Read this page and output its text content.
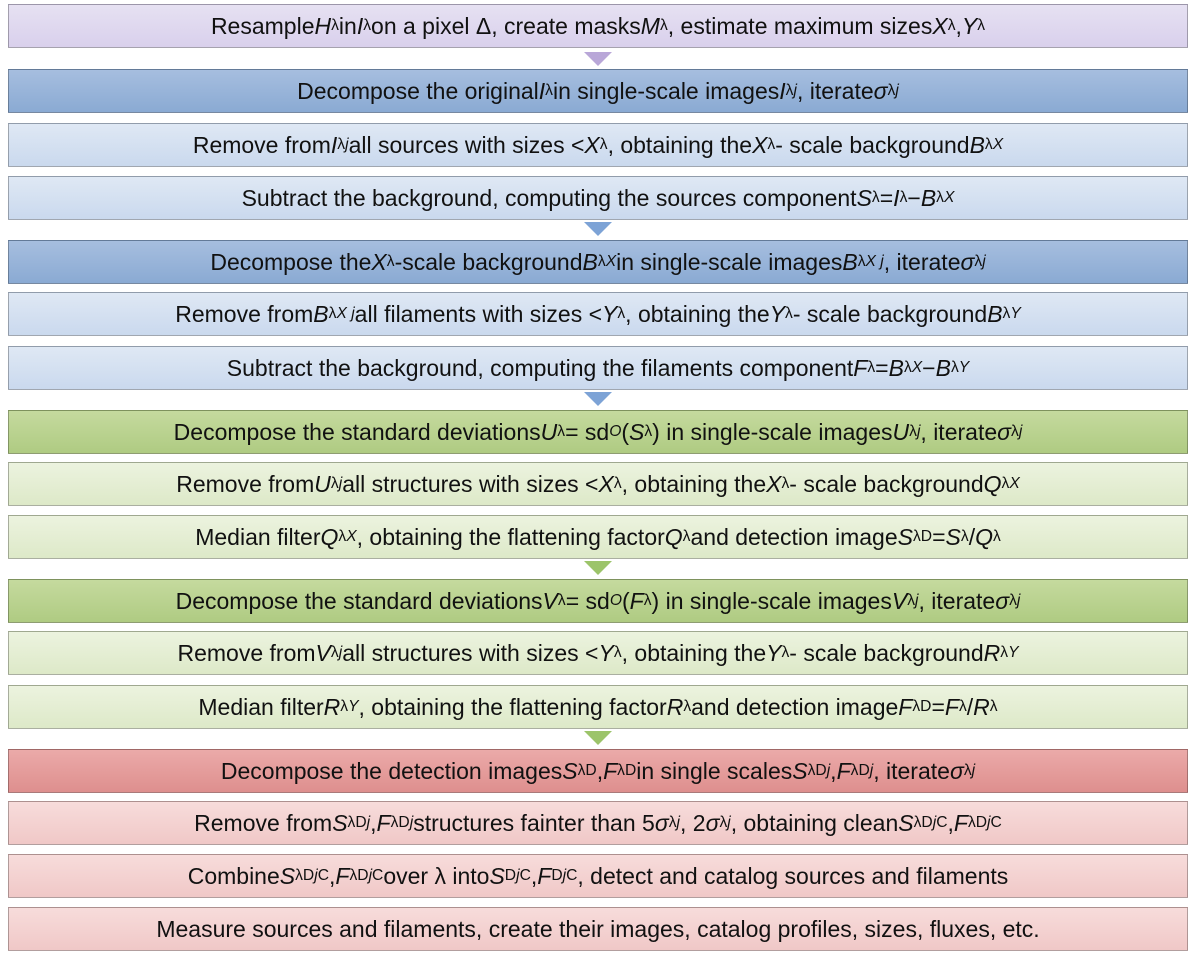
Resample H λ in I λ on a pixel Δ, create masks M λ , estimate maximum sizes X λ , Y λ
Decompose the original I λ in single-scale images I λj , iterate σ λj
Remove from I λj all sources with sizes < X λ , obtaining the X λ - scale background B λX
Subtract the background, computing the sources component S λ = I λ − B λX
Decompose the X λ -scale background B λX in single-scale images B λX j , iterate σ λj
Remove from B λX j all filaments with sizes < Y λ , obtaining the Y λ - scale background B λY
Subtract the background, computing the filaments component F λ = B λX − B λY
Decompose the standard deviations U λ = sd O ( S λ ) in single-scale images U λj , iterate σ λj
Remove from U λj all structures with sizes < X λ , obtaining the X λ - scale background Q λX
Median filter Q λX , obtaining the flattening factor Q λ and detection image S λD = S λ / Q λ
Decompose the standard deviations V λ = sd O ( F λ ) in single-scale images V λj , iterate σ λj
Remove from V λj all structures with sizes < Y λ , obtaining the Y λ - scale background R λY
Median filter R λY , obtaining the flattening factor R λ and detection image F λD = F λ / R λ
Decompose the detection images S λD , F λD in single scales S λDj , F λDj , iterate σ λj
Remove from S λDj , F λDj structures fainter than 5 σ λj , 2 σ λj , obtaining clean S λDjC , F λDjC
Combine S λDjC , F λDjC over λ into S DjC , F DjC , detect and catalog sources and filaments
Measure sources and filaments, create their images, catalog profiles, sizes, fluxes, etc.
